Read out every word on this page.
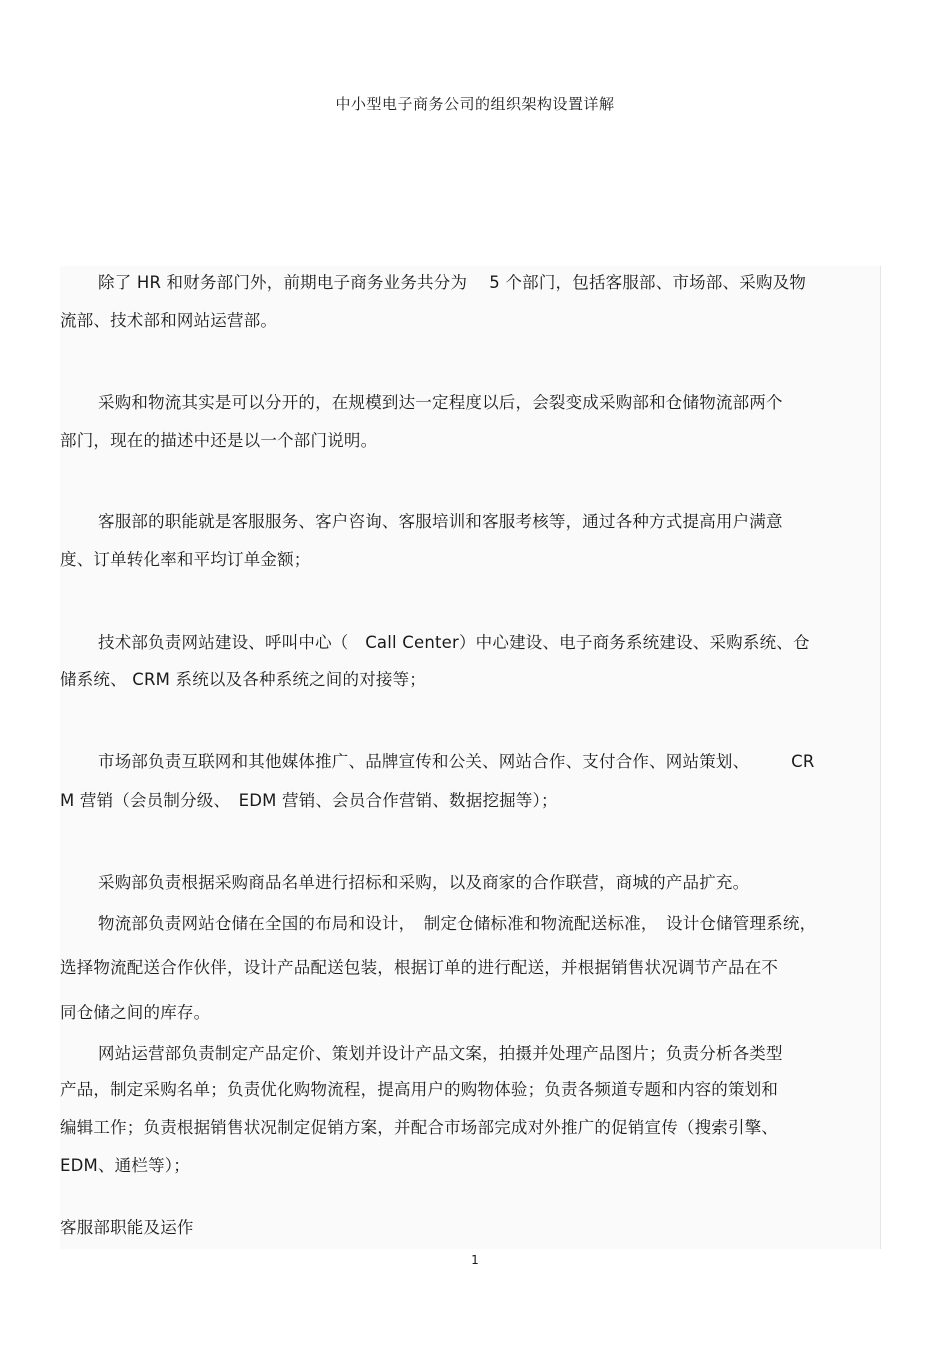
中小型电子商务公司的组织架构设置详解
除了 HR 和财务部门外，前期电子商务业务共分为　 5 个部门，包括客服部、市场部、采购及物
流部、技术部和网站运营部。
采购和物流其实是可以分开的，在规模到达一定程度以后，会裂变成采购部和仓储物流部两个
部门，现在的描述中还是以一个部门说明。
客服部的职能就是客服服务、客户咨询、客服培训和客服考核等，通过各种方式提高用户满意
度、订单转化率和平均订单金额；
技术部负责网站建设、呼叫中心（　Call Center）中心建设、电子商务系统建设、采购系统、仓
储系统、 CRM 系统以及各种系统之间的对接等；
市场部负责互联网和其他媒体推广、品牌宣传和公关、网站合作、支付合作、网站策划、　　　CR
M 营销（会员制分级、　EDM 营销、会员合作营销、数据挖掘等）；
采购部负责根据采购商品名单进行招标和采购，以及商家的合作联营，商城的产品扩充。
物流部负责网站仓储在全国的布局和设计，　制定仓储标准和物流配送标准，　设计仓储管理系统，
选择物流配送合作伙伴，设计产品配送包装，根据订单的进行配送，并根据销售状况调节产品在不
同仓储之间的库存。
网站运营部负责制定产品定价、策划并设计产品文案，拍摄并处理产品图片；负责分析各类型
产品，制定采购名单；负责优化购物流程，提高用户的购物体验；负责各频道专题和内容的策划和
编辑工作；负责根据销售状况制定促销方案，并配合市场部完成对外推广的促销宣传（搜索引擎、
EDM、通栏等）；
客服部职能及运作
1
